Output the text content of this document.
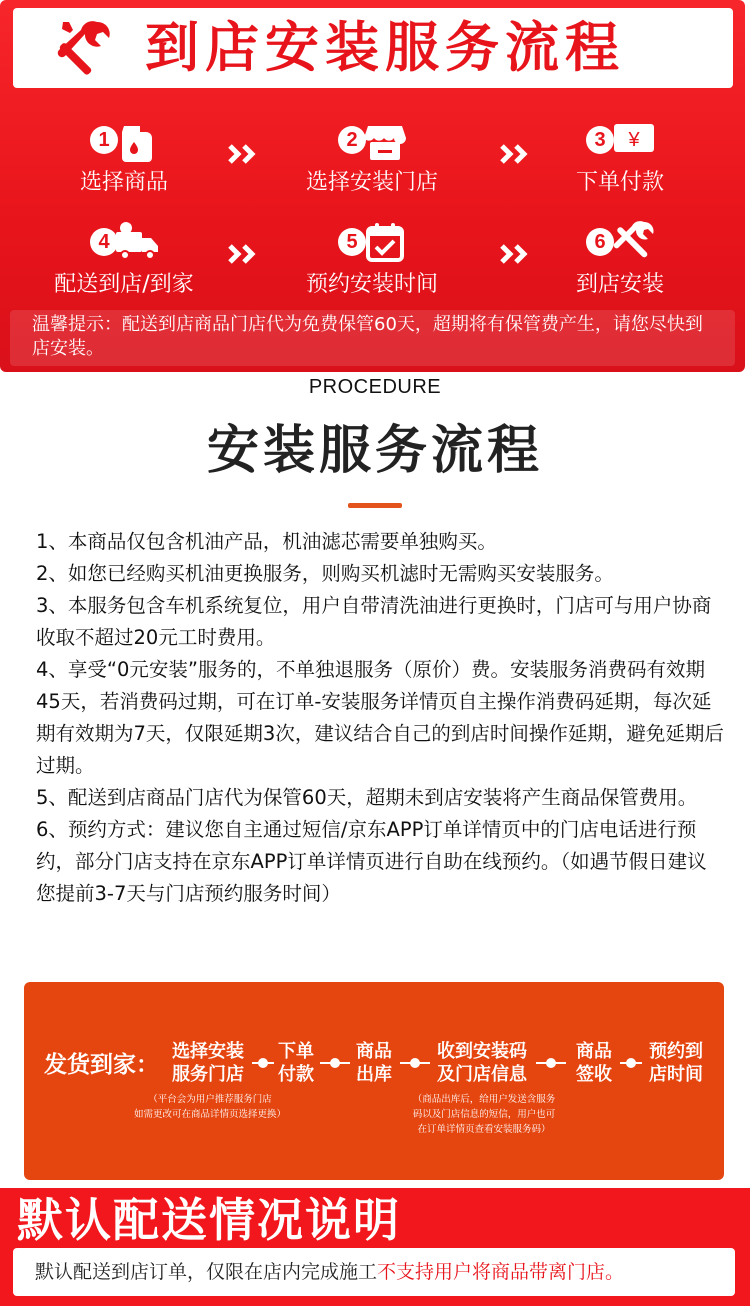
到店安装服务流程
1
选择商品
2
选择安装门店
3	¥
下单付款
4
配送到店/到家
5
预约安装时间
6
到店安装
温馨提示：配送到店商品门店代为免费保管60天，超期将有保管费产生，请您尽快到店安装。
PROCEDURE
安装服务流程

1、本商品仅包含机油产品，机油滤芯需要单独购买。

2、如您已经购买机油更换服务，则购买机滤时无需购买安装服务。

3、本服务包含车机系统复位，用户自带清洗油进行更换时，门店可与用户协商收取不超过20元工时费用。

4、享受“0元安装”服务的，不单独退服务（原价）费。安装服务消费码有效期45天，若消费码过期，可在订单-安装服务详情页自主操作消费码延期，每次延期有效期为7天，仅限延期3次，建议结合自己的到店时间操作延期，避免延期后过期。

5、配送到店商品门店代为保管60天，超期未到店安装将产生商品保管费用。

6、预约方式：建议您自主通过短信/京东APP订单详情页中的门店电话进行预约，部分门店支持在京东APP订单详情页进行自助在线预约。（如遇节假日建议您提前3-7天与门店预约服务时间）

发货到家：
选择安装
服务门店
下单
付款
商品
出库
收到安装码
及门店信息
商品
签收
预约到
店时间
（平台会为用户推荐服务门店
如需更改可在商品详情页选择更换）
（商品出库后，给用户发送含服务
码以及门店信息的短信，用户也可
在订单详情页查看安装服务码）
默认配送情况说明
默认配送到店订单，仅限在店内完成施工不支持用户将商品带离门店。
